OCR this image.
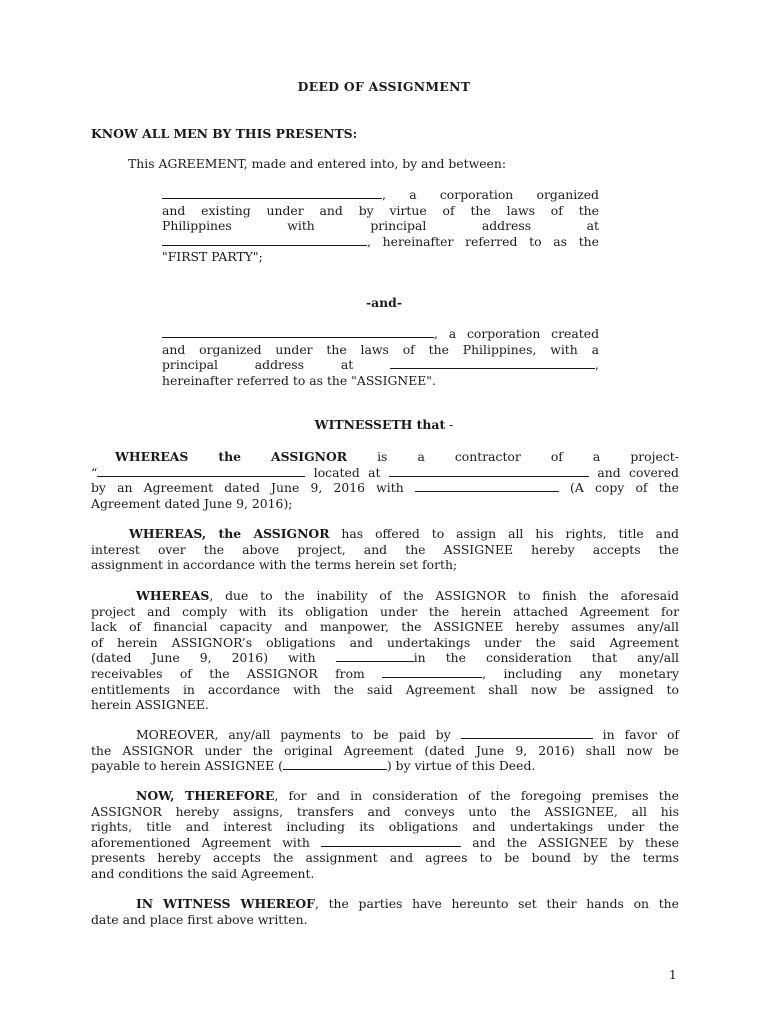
DEED OF ASSIGNMENT
KNOW ALL MEN BY THIS PRESENTS:
This AGREEMENT, made and entered into, by and between:
, a corporation organized
and existing under and by virtue of the laws of the
Philippines	with	principal	address	at
, hereinafter referred to as the
"FIRST PARTY";
-and-
, a corporation created
and organized under the laws of the Philippines, with a
principal	address	at	,
hereinafter referred to as the "ASSIGNEE".
WITNESSETH that -
WHEREAS the ASSIGNOR is a contractor of a project-
“	located at	and covered
by an Agreement dated June 9, 2016 with	(A copy of the
Agreement dated June 9, 2016);
WHEREAS, the ASSIGNOR has offered to assign all his rights, title and
interest over the above project, and the ASSIGNEE hereby accepts the
assignment in accordance with the terms herein set forth;
WHEREAS, due to the inability of the ASSIGNOR to finish the aforesaid
project and comply with its obligation under the herein attached Agreement for
lack of financial capacity and manpower, the ASSIGNEE hereby assumes any/all
of herein ASSIGNOR’s obligations and undertakings under the said Agreement
(dated June 9, 2016) with	in the consideration that any/all
receivables of the ASSIGNOR from	, including any monetary
entitlements in accordance with the said Agreement shall now be assigned to
herein ASSIGNEE.
MOREOVER, any/all payments to be paid by	in favor of
the ASSIGNOR under the original Agreement (dated June 9, 2016) shall now be
payable to herein ASSIGNEE (	) by virtue of this Deed.
NOW, THEREFORE, for and in consideration of the foregoing premises the
ASSIGNOR hereby assigns, transfers and conveys unto the ASSIGNEE, all his
rights, title and interest including its obligations and undertakings under the
aforementioned Agreement with	and the ASSIGNEE by these
presents hereby accepts the assignment and agrees to be bound by the terms
and conditions the said Agreement.
IN WITNESS WHEREOF, the parties have hereunto set their hands on the
date and place first above written.
1
